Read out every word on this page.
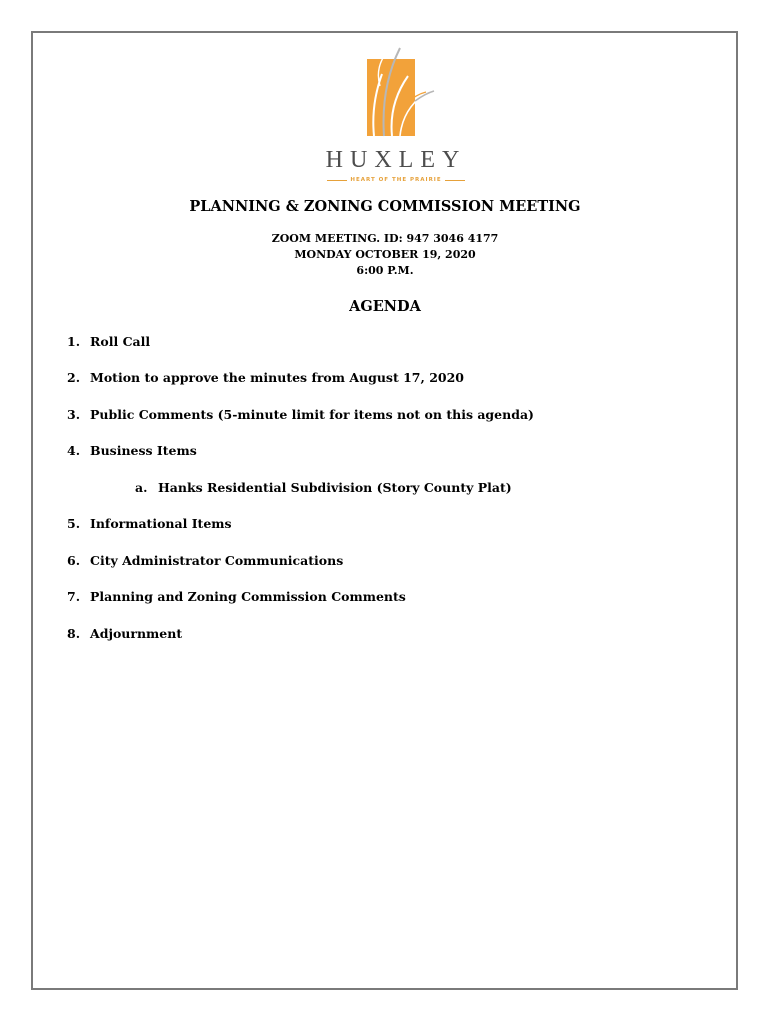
HUXLEY
HEART OF THE PRAIRIE
PLANNING & ZONING COMMISSION MEETING
ZOOM MEETING. ID: 947 3046 4177
MONDAY OCTOBER 19, 2020
6:00 P.M.
AGENDA
1. Roll Call
2. Motion to approve the minutes from August 17, 2020
3. Public Comments (5-minute limit for items not on this agenda)
4. Business Items
a. Hanks Residential Subdivision (Story County Plat)
5. Informational Items
6. City Administrator Communications
7. Planning and Zoning Commission Comments
8. Adjournment
